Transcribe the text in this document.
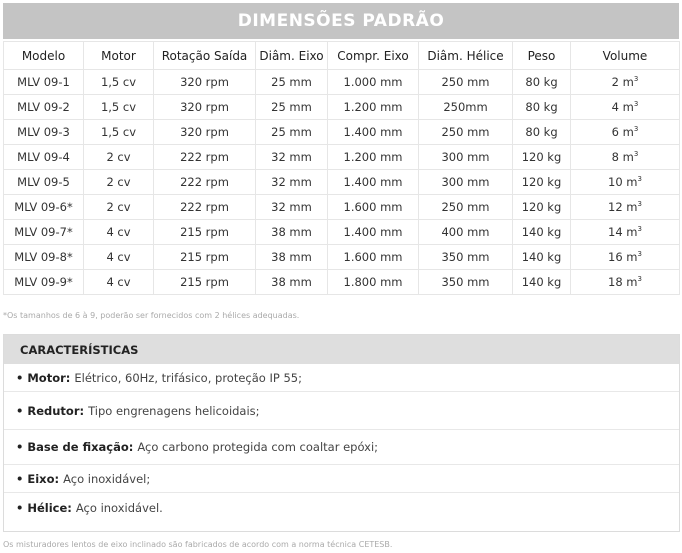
DIMENSÕES PADRÃO
Modelo	Motor	Rotação Saída	Diâm. Eixo	Compr. Eixo	Diâm. Hélice	Peso	Volume
MLV 09-1	1,5 cv	320 rpm	25 mm	1.000 mm	250 mm	80 kg	2 $m^3$
MLV 09-2	1,5 cv	320 rpm	25 mm	1.200 mm	250mm	80 kg	4 $m^3$
MLV 09-3	1,5 cv	320 rpm	25 mm	1.400 mm	250 mm	80 kg	6 $m^3$
MLV 09-4	2 cv	222 rpm	32 mm	1.200 mm	300 mm	120 kg	8 $m^3$
MLV 09-5	2 cv	222 rpm	32 mm	1.400 mm	300 mm	120 kg	10 $m^3$
MLV 09-6*	2 cv	222 rpm	32 mm	1.600 mm	250 mm	120 kg	12 $m^3$
MLV 09-7*	4 cv	215 rpm	38 mm	1.400 mm	400 mm	140 kg	14 $m^3$
MLV 09-8*	4 cv	215 rpm	38 mm	1.600 mm	350 mm	140 kg	16 $m^3$
MLV 09-9*	4 cv	215 rpm	38 mm	1.800 mm	350 mm	140 kg	18 $m^3$
*Os tamanhos de 6 à 9, poderão ser fornecidos com 2 hélices adequadas.
CARACTERÍSTICAS
• Motor: Elétrico, 60Hz, trifásico, proteção IP 55;
• Redutor: Tipo engrenagens helicoidais;
• Base de fixação: Aço carbono protegida com coaltar epóxi;
• Eixo: Aço inoxidável;
• Hélice: Aço inoxidável.
Os misturadores lentos de eixo inclinado são fabricados de acordo com a norma técnica CETESB.
